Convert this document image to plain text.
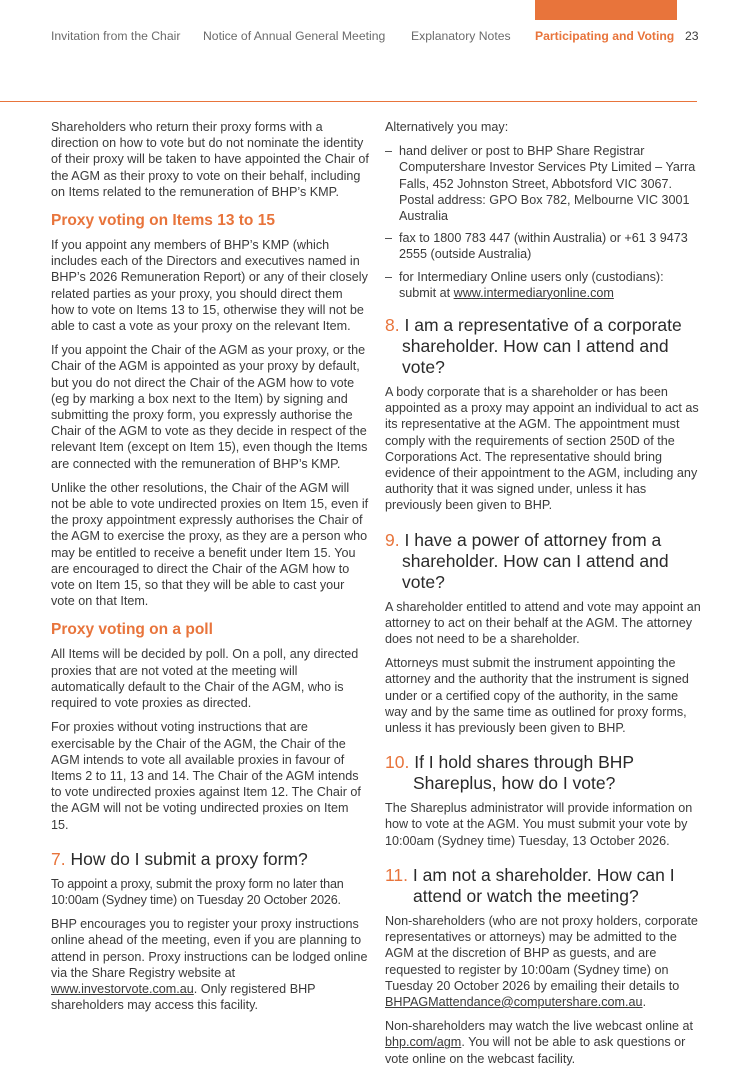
Invitation from the Chair Notice of Annual General Meeting Explanatory Notes Participating and Voting 23

Shareholders who return their proxy forms with a direction on how to vote but do not nominate the identity of their proxy will be taken to have appointed the Chair of the AGM as their proxy to vote on their behalf, including on Items related to the remuneration of BHP’s KMP.

Proxy voting on Items 13 to 15

If you appoint any members of BHP’s KMP (which includes each of the Directors and executives named in BHP’s 2026 Remuneration Report) or any of their closely related parties as your proxy, you should direct them how to vote on Items 13 to 15, otherwise they will not be able to cast a vote as your proxy on the relevant Item.

If you appoint the Chair of the AGM as your proxy, or the Chair of the AGM is appointed as your proxy by default, but you do not direct the Chair of the AGM how to vote (eg by marking a box next to the Item) by signing and submitting the proxy form, you expressly authorise the Chair of the AGM to vote as they decide in respect of the relevant Item (except on Item 15), even though the Items are connected with the remuneration of BHP’s KMP.

Unlike the other resolutions, the Chair of the AGM will not be able to vote undirected proxies on Item 15, even if the proxy appointment expressly authorises the Chair of the AGM to exercise the proxy, as they are a person who may be entitled to receive a benefit under Item 15. You are encouraged to direct the Chair of the AGM how to vote on Item 15, so that they will be able to cast your vote on that Item.

Proxy voting on a poll

All Items will be decided by poll. On a poll, any directed proxies that are not voted at the meeting will automatically default to the Chair of the AGM, who is required to vote proxies as directed.

For proxies without voting instructions that are exercisable by the Chair of the AGM, the Chair of the AGM intends to vote all available proxies in favour of Items 2 to 11, 13 and 14. The Chair of the AGM intends to vote undirected proxies against Item 12. The Chair of the AGM will not be voting undirected proxies on Item 15.

7. How do I submit a proxy form?

To appoint a proxy, submit the proxy form no later than 10:00am (Sydney time) on Tuesday 20 October 2026.

BHP encourages you to register your proxy instructions online ahead of the meeting, even if you are planning to attend in person. Proxy instructions can be lodged online via the Share Registry website at www.investorvote.com.au. Only registered BHP shareholders may access this facility.

Alternatively you may:

– hand deliver or post to BHP Share Registrar Computershare Investor Services Pty Limited – Yarra Falls, 452 Johnston Street, Abbotsford VIC 3067. Postal address: GPO Box 782, Melbourne VIC 3001 Australia
– fax to 1800 783 447 (within Australia) or +61 3 9473 2555 (outside Australia)
– for Intermediary Online users only (custodians): submit at www.intermediaryonline.com
8. I am a representative of a corporate shareholder. How can I attend and vote?

A body corporate that is a shareholder or has been appointed as a proxy may appoint an individual to act as its representative at the AGM. The appointment must comply with the requirements of section 250D of the Corporations Act. The representative should bring evidence of their appointment to the AGM, including any authority that it was signed under, unless it has previously been given to BHP.

9. I have a power of attorney from a shareholder. How can I attend and vote?

A shareholder entitled to attend and vote may appoint an attorney to act on their behalf at the AGM. The attorney does not need to be a shareholder.

Attorneys must submit the instrument appointing the attorney and the authority that the instrument is signed under or a certified copy of the authority, in the same way and by the same time as outlined for proxy forms, unless it has previously been given to BHP.

10. If I hold shares through BHP Shareplus, how do I vote?

The Shareplus administrator will provide information on how to vote at the AGM. You must submit your vote by 10:00am (Sydney time) Tuesday, 13 October 2026.

11. I am not a shareholder. How can I attend or watch the meeting?

Non-shareholders (who are not proxy holders, corporate representatives or attorneys) may be admitted to the AGM at the discretion of BHP as guests, and are requested to register by 10:00am (Sydney time) on Tuesday 20 October 2026 by emailing their details to BHPAGMattendance@computershare.com.au.

Non-shareholders may watch the live webcast online at bhp.com/agm. You will not be able to ask questions or vote online on the webcast facility.
